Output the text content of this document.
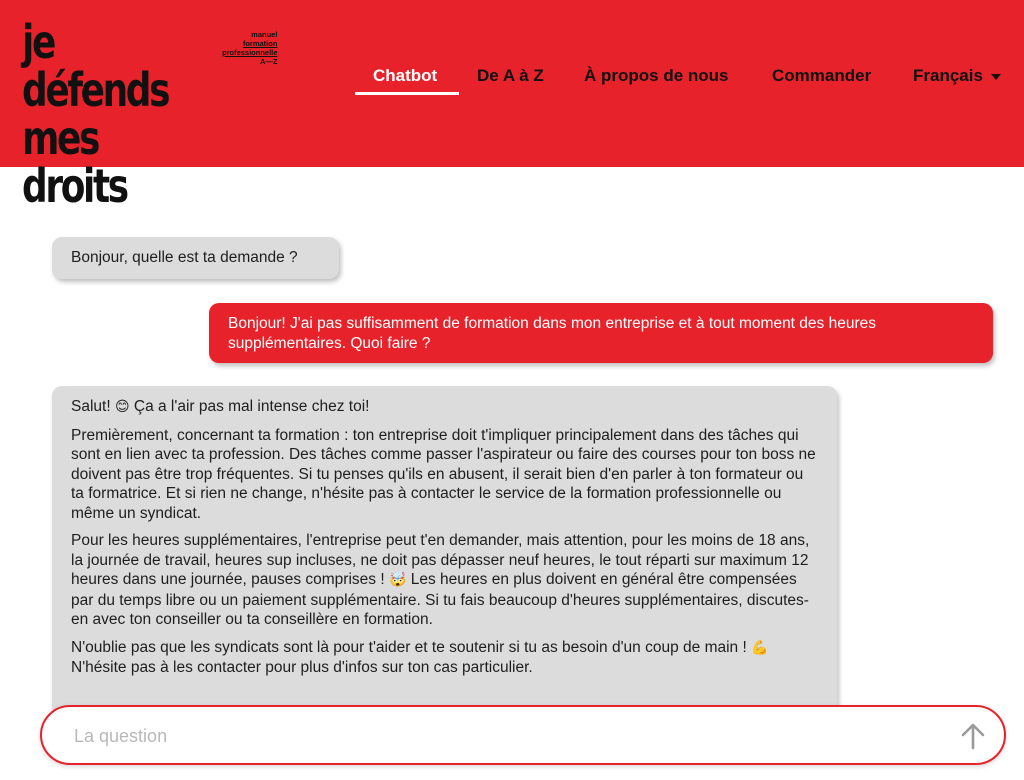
je défends
mes droits
manuel
formation
professionnelle
A—Z
Chatbot De A à Z À propos de nous	Commander Français
Bonjour, quelle est ta demande ?
Bonjour! J'ai pas suffisamment de formation dans mon entreprise et à tout moment des heures supplémentaires. Quoi faire ?

Salut! 😊 Ça a l'air pas mal intense chez toi!

Premièrement, concernant ta formation : ton entreprise doit t'impliquer principalement dans des tâches qui sont en lien avec ta profession. Des tâches comme passer l'aspirateur ou faire des courses pour ton boss ne doivent pas être trop fréquentes. Si tu penses qu'ils en abusent, il serait bien d'en parler à ton formateur ou ta formatrice. Et si rien ne change, n'hésite pas à contacter le service de la formation professionnelle ou même un syndicat.

Pour les heures supplémentaires, l'entreprise peut t'en demander, mais attention, pour les moins de 18 ans, la journée de travail, heures sup incluses, ne doit pas dépasser neuf heures, le tout réparti sur maximum 12 heures dans une journée, pauses comprises ! 🤯 Les heures en plus doivent en général être compensées par du temps libre ou un paiement supplémentaire. Si tu fais beaucoup d'heures supplémentaires, discutes-en avec ton conseiller ou ta conseillère en formation.

N'oublie pas que les syndicats sont là pour t'aider et te soutenir si tu as besoin d'un coup de main ! 💪 N'hésite pas à les contacter pour plus d'infos sur ton cas particulier.

La question
